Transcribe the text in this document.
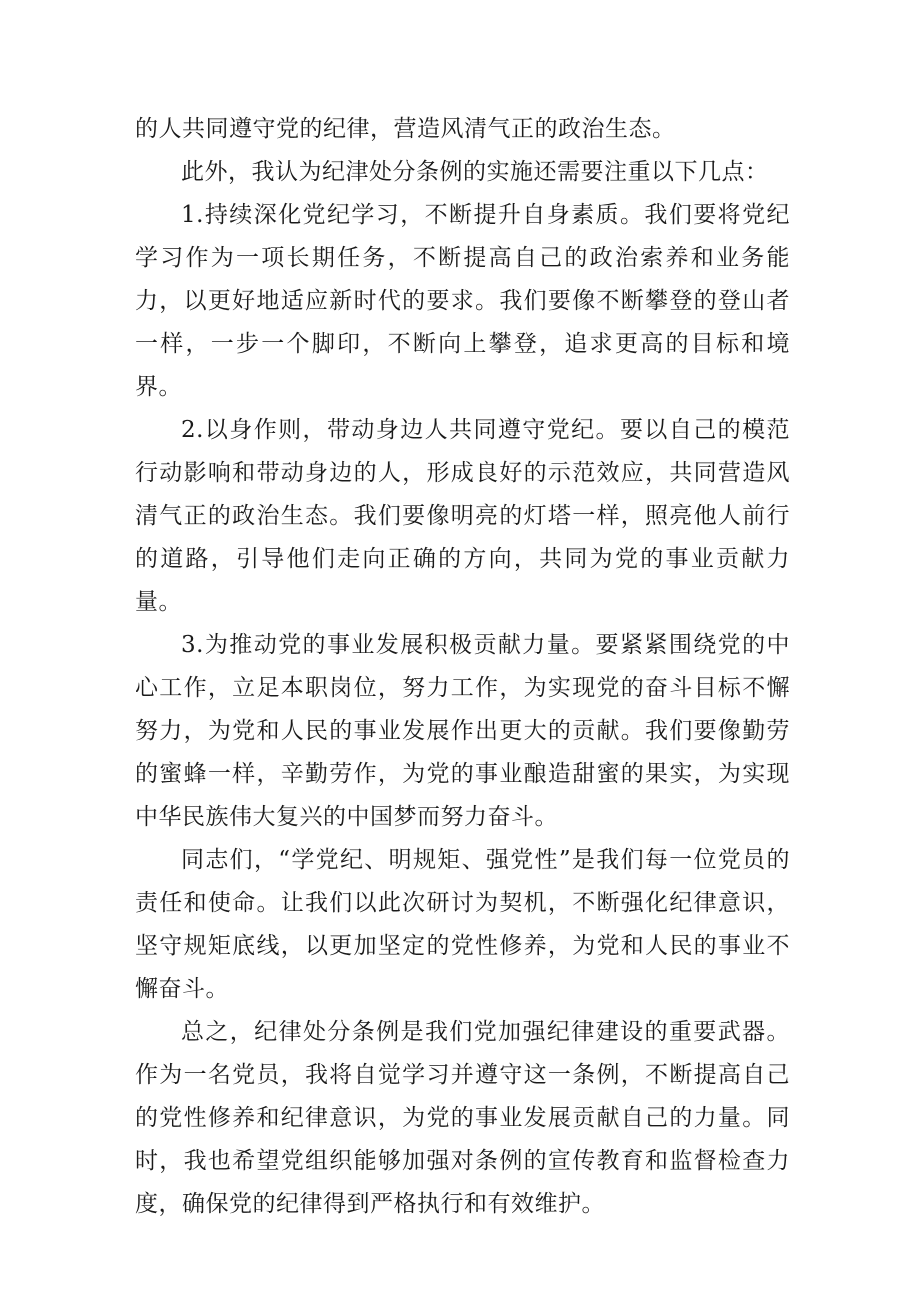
的人共同遵守党的纪律，营造风清气正的政治生态。

此外，我认为纪津处分条例的实施还需要注重以下几点：

1.持续深化党纪学习，不断提升自身素质。我们要将党纪学习作为一项长期任务，不断提高自己的政治索养和业务能力，以更好地适应新时代的要求。我们要像不断攀登的登山者一样，一步一个脚印，不断向上攀登，追求更高的目标和境界。

2.以身作则，带动身边人共同遵守党纪。要以自己的模范行动影响和带动身边的人，形成良好的示范效应，共同营造风清气正的政治生态。我们要像明亮的灯塔一样，照亮他人前行的道路，引导他们走向正确的方向，共同为党的事业贡献力量。

3.为推动党的事业发展积极贡献力量。要紧紧围绕党的中心工作，立足本职岗位，努力工作，为实现党的奋斗目标不懈努力，为党和人民的事业发展作出更大的贡献。我们要像勤劳的蜜蜂一样，辛勤劳作，为党的事业酿造甜蜜的果实，为实现中华民族伟大复兴的中国梦而努力奋斗。

同志们，“学党纪、明规矩、强党性”是我们每一位党员的责任和使命。让我们以此次研讨为契机，不断强化纪律意识，坚守规矩底线，以更加坚定的党性修养，为党和人民的事业不懈奋斗。

总之，纪律处分条例是我们党加强纪律建设的重要武器。作为一名党员，我将自觉学习并遵守这一条例，不断提高自己的党性修养和纪律意识，为党的事业发展贡献自己的力量。同时，我也希望党组织能够加强对条例的宣传教育和监督检查力度，确保党的纪律得到严格执行和有效维护。
